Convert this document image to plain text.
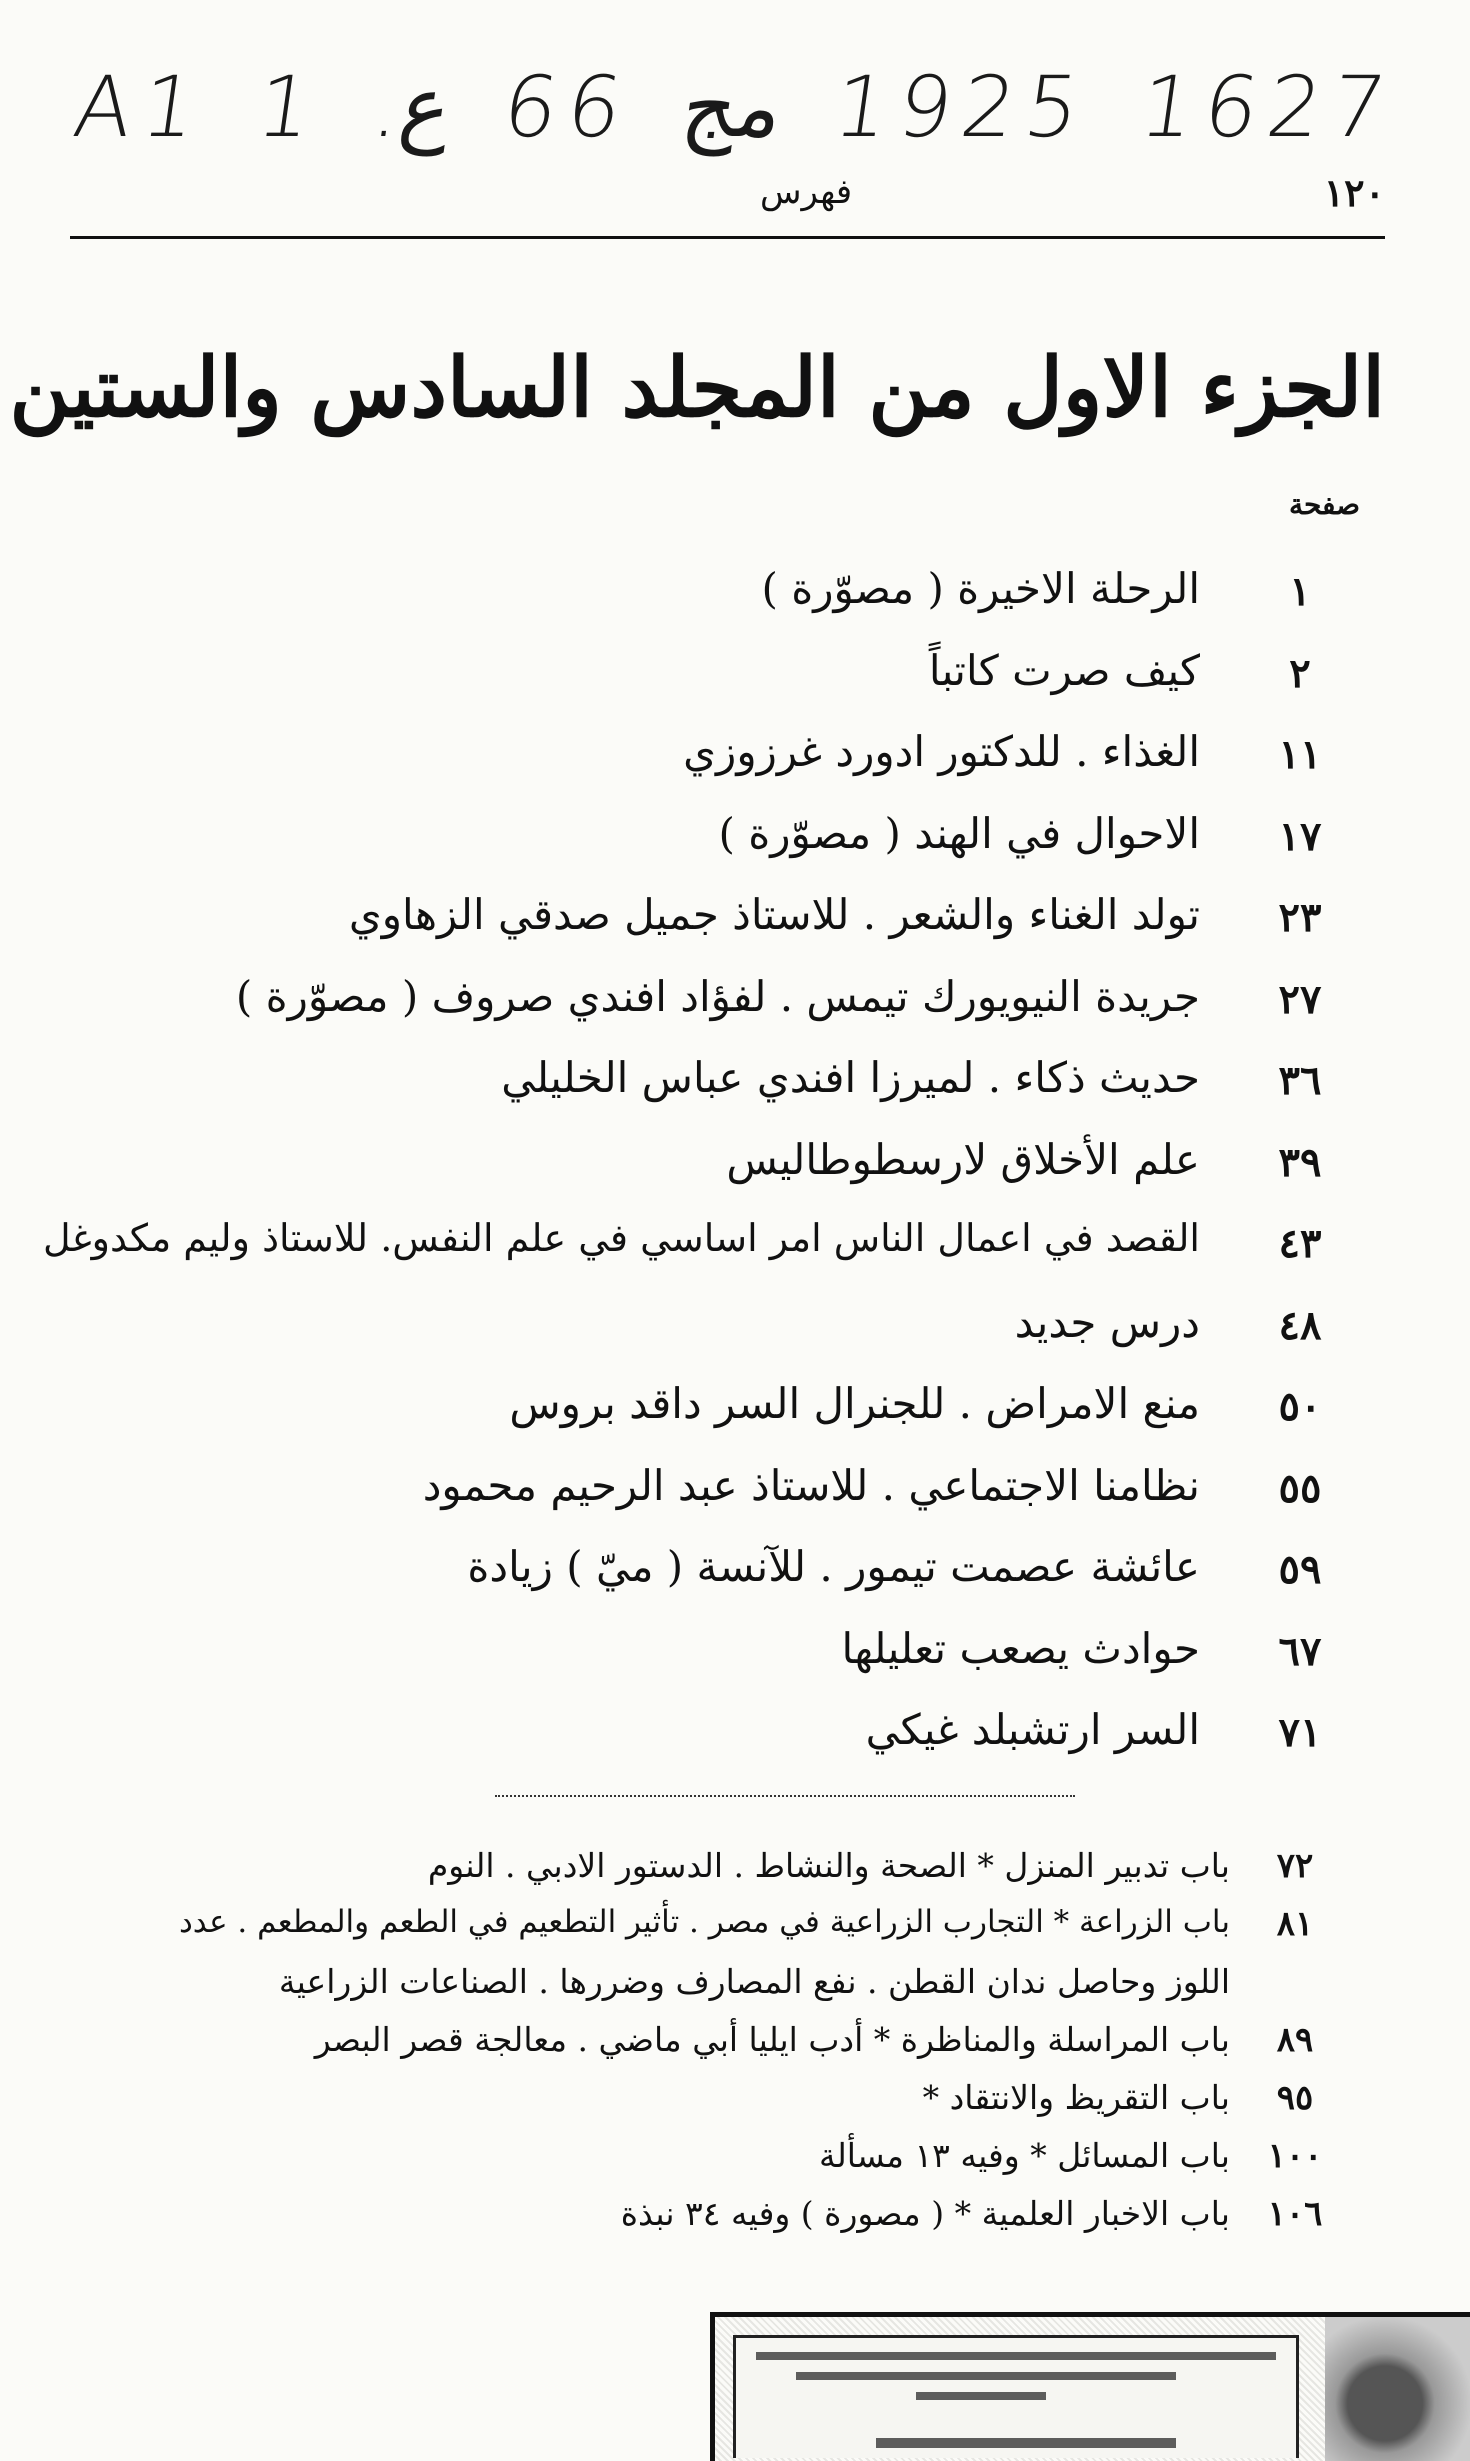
A1 1 .ع 66 مج 1925 1627
فهرس	١٢٠
الجزء الاول من المجلد السادس والستين
صفحة
١
الرحلة الاخيرة ( مصوّرة )
٢
كيف صرت كاتباً
١١
الغذاء . للدكتور ادورد غرزوزي
١٧
الاحوال في الهند ( مصوّرة )
٢٣
تولد الغناء والشعر . للاستاذ جميل صدقي الزهاوي
٢٧
جريدة النيويورك تيمس . لفؤاد افندي صروف ( مصوّرة )
٣٦
حديث ذكاء . لميرزا افندي عباس الخليلي
٣٩
علم الأخلاق لارسطوطاليس
٤٣
القصد في اعمال الناس امر اساسي في علم النفس. للاستاذ وليم مكدوغل
٤٨
درس جديد
٥٠
منع الامراض . للجنرال السر داقد بروس
٥٥
نظامنا الاجتماعي . للاستاذ عبد الرحيم محمود
٥٩
عائشة عصمت تيمور . للآنسة ( ميّ ) زيادة
٦٧
حوادث يصعب تعليلها
٧١
السر ارتشبلد غيكي
٧٢
باب تدبير المنزل * الصحة والنشاط . الدستور الادبي . النوم
٨١
باب الزراعة * التجارب الزراعية في مصر . تأثير التطعيم في الطعم والمطعم . عدد
اللوز وحاصل ندان القطن . نفع المصارف وضررها . الصناعات الزراعية
٨٩
باب المراسلة والمناظرة * أدب ايليا أبي ماضي . معالجة قصر البصر
٩٥
باب التقريظ والانتقاد *
١٠٠
باب المسائل * وفيه ١٣ مسألة
١٠٦
باب الاخبار العلمية * ( مصورة ) وفيه ٣٤ نبذة
